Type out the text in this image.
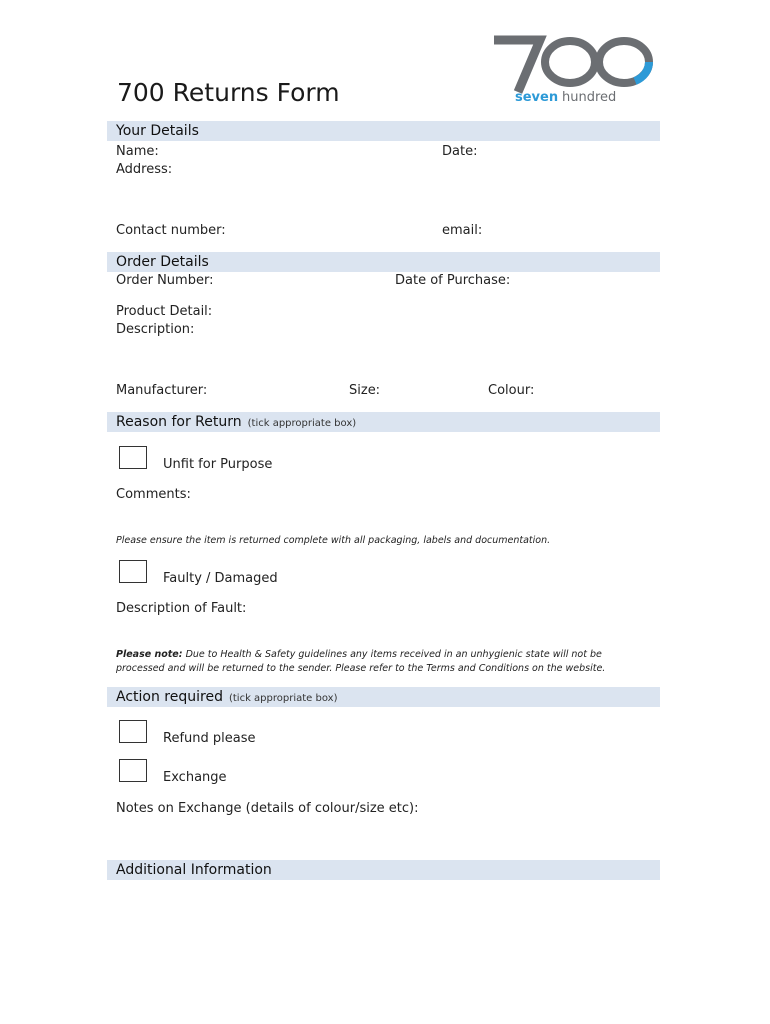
700 Returns Form	seven hundred
Your Details
Name:	Date:
Address:
Contact number:	email:
Order Details
Order Number:	Date of Purchase:
Product Detail:
Description:
Manufacturer:	Size:	Colour:
Reason for Return (tick appropriate box)
Unfit for Purpose
Comments:
Please ensure the item is returned complete with all packaging, labels and documentation.
Faulty / Damaged
Description of Fault:
Please note: Due to Health & Safety guidelines any items received in an unhygienic state will not be
processed and will be returned to the sender. Please refer to the Terms and Conditions on the website.
Action required (tick appropriate box)
Refund please
Exchange
Notes on Exchange (details of colour/size etc):
Additional Information
